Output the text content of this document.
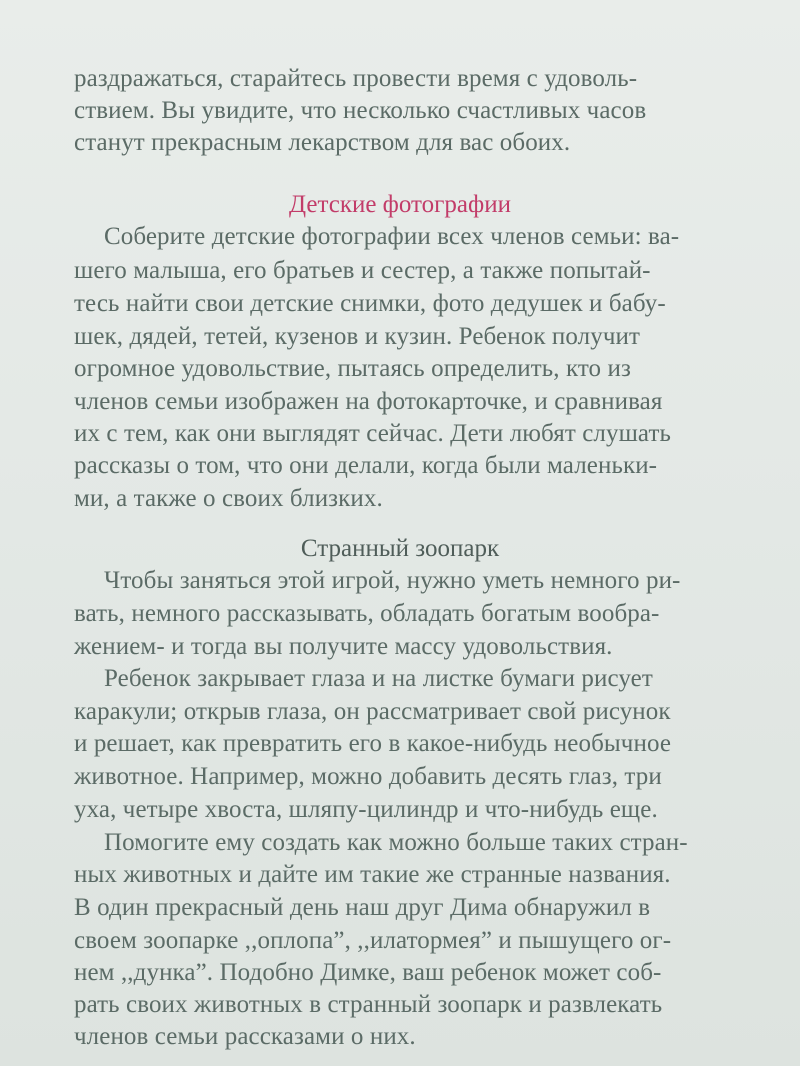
раздражаться, старайтесь провести время с удоволь-
ствием. Вы увидите, что несколько счастливых часов
станут прекрасным лекарством для вас обоих.
Детские фотографии
Соберите детские фотографии всех членов семьи: ва-
шего малыша, его братьев и сестер, а также попытай-
тесь найти свои детские снимки, фото дедушек и бабу-
шек, дядей, тетей, кузенов и кузин. Ребенок получит
огромное удовольствие, пытаясь определить, кто из
членов семьи изображен на фотокарточке, и сравнивая
их с тем, как они выглядят сейчас. Дети любят слушать
рассказы о том, что они делали, когда были маленьки-
ми, а также о своих близких.
Странный зоопарк
Чтобы заняться этой игрой, нужно уметь немного ри-
вать, немного рассказывать, обладать богатым вообра-
жением- и тогда вы получите массу удовольствия.
Ребенок закрывает глаза и на листке бумаги рисует
каракули; открыв глаза, он рассматривает свой рисунок
и решает, как превратить его в какое-нибудь необычное
животное. Например, можно добавить десять глаз, три
уха, четыре хвоста, шляпу-цилиндр и что-нибудь еще.
Помогите ему создать как можно больше таких стран-
ных животных и дайте им такие же странные названия.
В один прекрасный день наш друг Дима обнаружил в
своем зоопарке ,,оплопа”, ,,илатормея” и пышущего ог-
нем ,,дунка”. Подобно Димке, ваш ребенок может соб-
рать своих животных в странный зоопарк и развлекать
членов семьи рассказами о них.
